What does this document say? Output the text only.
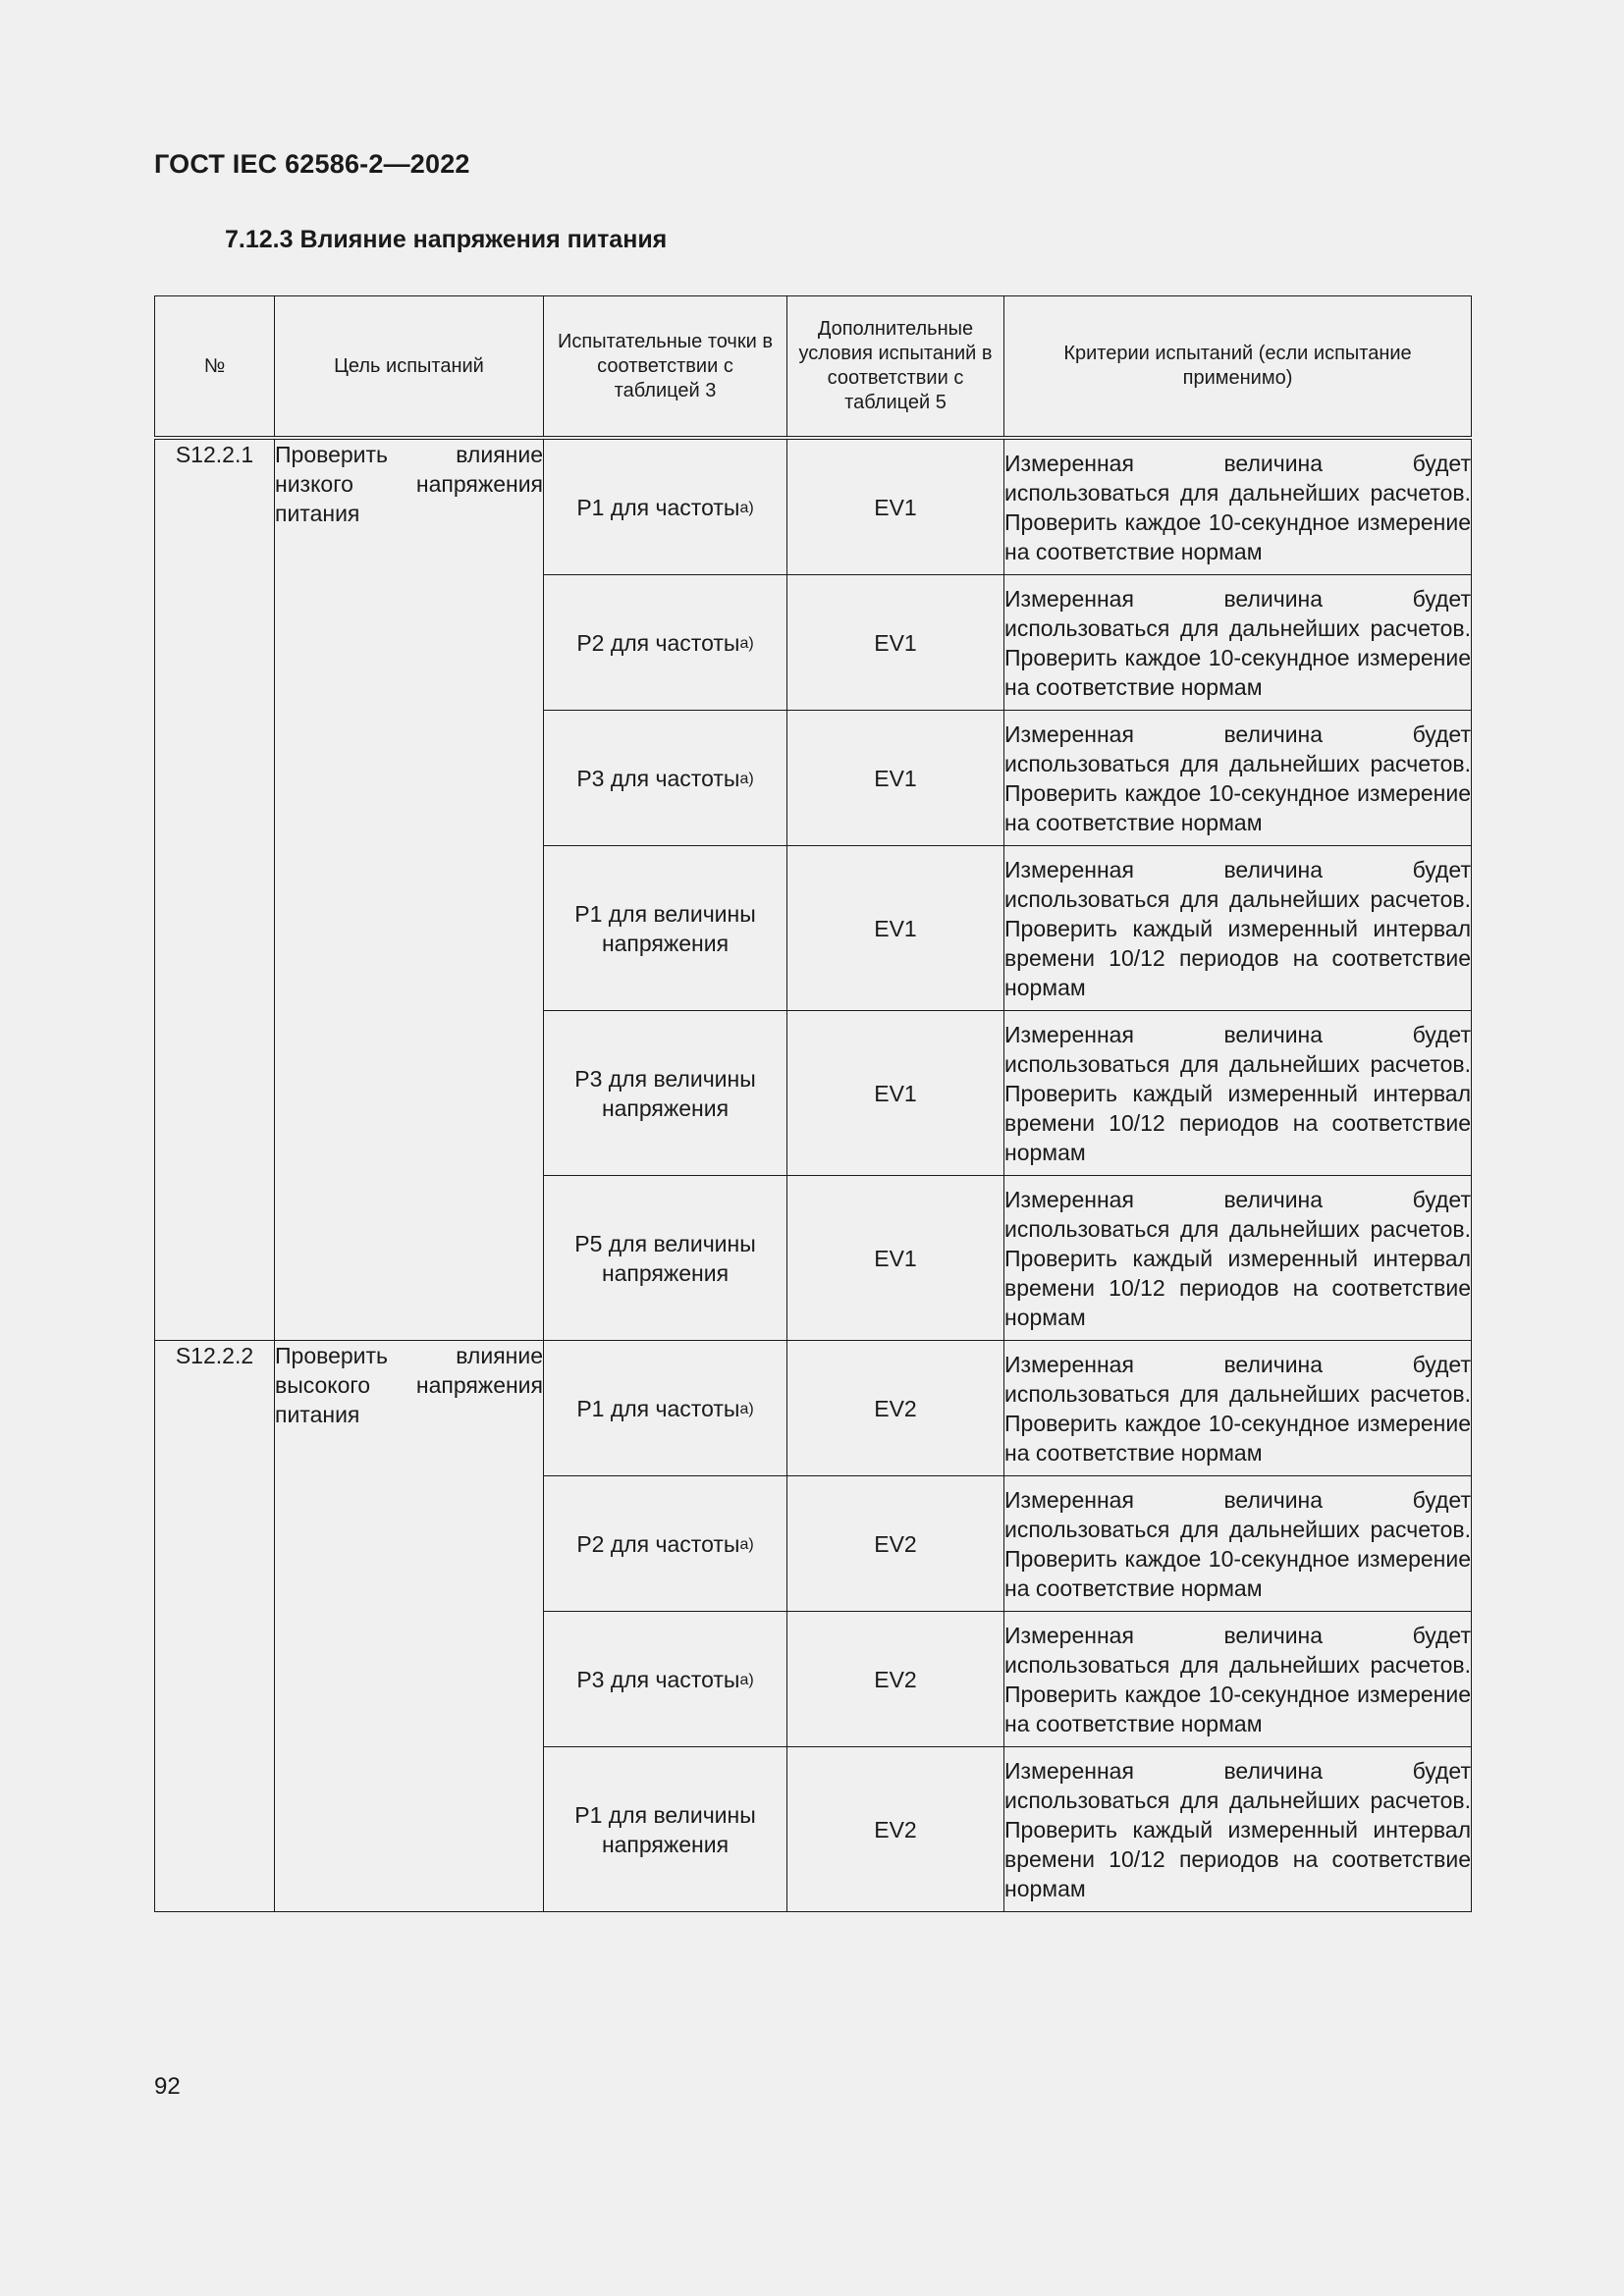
ГОСТ IEC 62586-2—2022
7.12.3 Влияние напряжения питания
№	Цель испытаний	Испытательные точки в соответствии с таблицей 3	Дополнительные условия испытаний в соответствии с таблицей 5	Критерии испытаний (если испытание применимо)

S12.2.1	Проверить влияние низкого напряжения питания	P1 для частоты$^{a)}$	EV1	Измеренная величина будет использоваться для дальнейших расчетов. Проверить каждое 10-секундное измерение на соответствие нормам
		P2 для частоты$^{a)}$	EV1	Измеренная величина будет использоваться для дальнейших расчетов. Проверить каждое 10-секундное измерение на соответствие нормам
		P3 для частоты$^{a)}$	EV1	Измеренная величина будет использоваться для дальнейших расчетов. Проверить каждое 10-секундное измерение на соответствие нормам
		P1 для величины напряжения	EV1	Измеренная величина будет использоваться для дальнейших расчетов. Проверить каждый измеренный интервал времени 10/12 периодов на соответствие нормам
		P3 для величины напряжения	EV1	Измеренная величина будет использоваться для дальнейших расчетов. Проверить каждый измеренный интервал времени 10/12 периодов на соответствие нормам
		P5 для величины напряжения	EV1	Измеренная величина будет использоваться для дальнейших расчетов. Проверить каждый измеренный интервал времени 10/12 периодов на соответствие нормам
S12.2.2	Проверить влияние высокого напряжения питания	P1 для частоты$^{a)}$	EV2	Измеренная величина будет использоваться для дальнейших расчетов. Проверить каждое 10-секундное измерение на соответствие нормам
		P2 для частоты$^{a)}$	EV2	Измеренная величина будет использоваться для дальнейших расчетов. Проверить каждое 10-секундное измерение на соответствие нормам
		P3 для частоты$^{a)}$	EV2	Измеренная величина будет использоваться для дальнейших расчетов. Проверить каждое 10-секундное измерение на соответствие нормам
		P1 для величины напряжения	EV2	Измеренная величина будет использоваться для дальнейших расчетов. Проверить каждый измеренный интервал времени 10/12 периодов на соответствие нормам
92
